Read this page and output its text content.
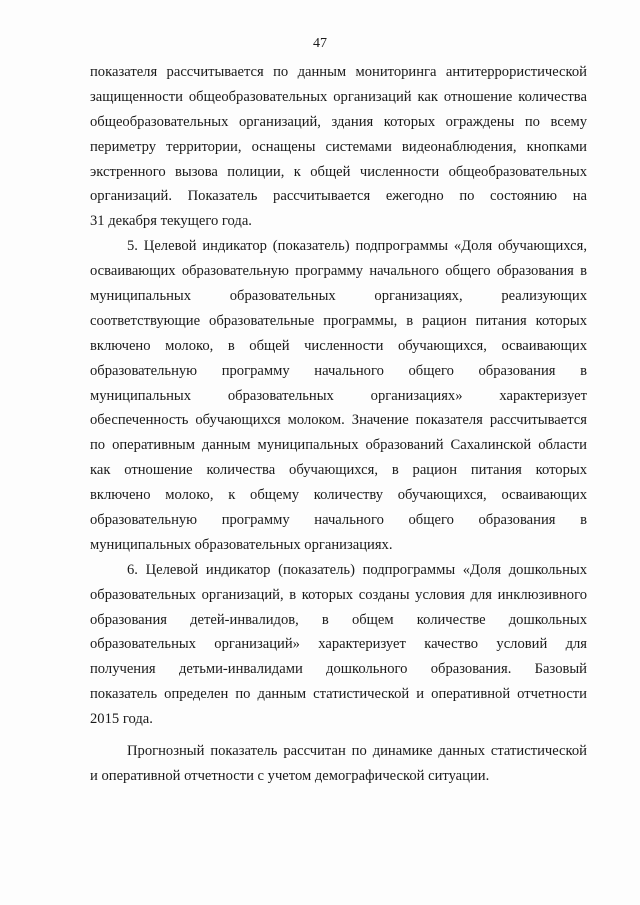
47
показателя рассчитывается по данным мониторинга антитеррористической
защищенности общеобразовательных организаций как отношение количества
общеобразовательных организаций, здания которых ограждены по всему
периметру территории, оснащены системами видеонаблюдения, кнопками
экстренного вызова полиции, к общей численности общеобразовательных
организаций. Показатель рассчитывается ежегодно по состоянию на
31 декабря текущего года.
5. Целевой индикатор (показатель) подпрограммы «Доля обучающихся,
осваивающих образовательную программу начального общего образования в
муниципальных образовательных организациях, реализующих
соответствующие образовательные программы, в рацион питания которых
включено молоко, в общей численности обучающихся, осваивающих
образовательную программу начального общего образования в
муниципальных образовательных организациях» характеризует
обеспеченность обучающихся молоком. Значение показателя рассчитывается
по оперативным данным муниципальных образований Сахалинской области
как отношение количества обучающихся, в рацион питания которых
включено молоко, к общему количеству обучающихся, осваивающих
образовательную программу начального общего образования в
муниципальных образовательных организациях.
6. Целевой индикатор (показатель) подпрограммы «Доля дошкольных
образовательных организаций, в которых созданы условия для инклюзивного
образования детей-инвалидов, в общем количестве дошкольных
образовательных организаций» характеризует качество условий для
получения детьми-инвалидами дошкольного образования. Базовый
показатель определен по данным статистической и оперативной отчетности
2015 года.
Прогнозный показатель рассчитан по динамике данных статистической
и оперативной отчетности с учетом демографической ситуации.
